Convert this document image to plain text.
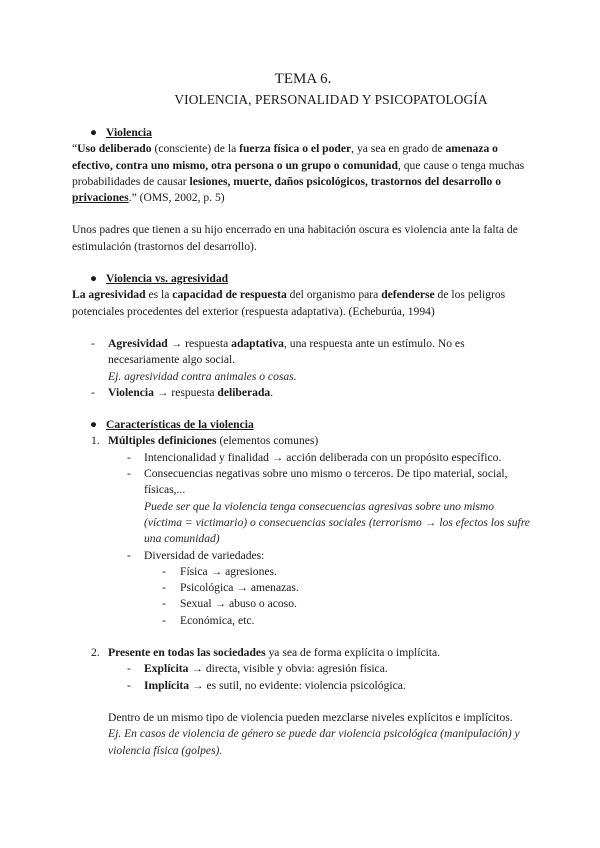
TEMA 6.
VIOLENCIA, PERSONALIDAD Y PSICOPATOLOGÍA
● Violencia
“Uso deliberado (consciente) de la fuerza física o el poder, ya sea en grado de amenaza o efectivo, contra uno mismo, otra persona o un grupo o comunidad, que cause o tenga muchas probabilidades de causar lesiones, muerte, daños psicológicos, trastornos del desarrollo o privaciones.” (OMS, 2002, p. 5)
Unos padres que tienen a su hijo encerrado en una habitación oscura es violencia ante la falta de estimulación (trastornos del desarrollo).
● Violencia vs. agresividad
La agresividad es la capacidad de respuesta del organismo para defenderse de los peligros potenciales procedentes del exterior (respuesta adaptativa). (Echeburúa, 1994)
- Agresividad → respuesta adaptativa, una respuesta ante un estímulo. No es necesariamente algo social.
Ej. agresividad contra animales o cosas.
- Violencia → respuesta deliberada.
● Características de la violencia
1. Múltiples definiciones (elementos comunes)
- Intencionalidad y finalidad → acción deliberada con un propósito específico.
- Consecuencias negativas sobre uno mismo o terceros. De tipo material, social, físicas,...
Puede ser que la violencia tenga consecuencias agresivas sobre uno mismo (víctima = victimario) o consecuencias sociales (terrorismo → los efectos los sufre una comunidad)
- Diversidad de variedades:
- Física → agresiones.
- Psicológica → amenazas.
- Sexual → abuso o acoso.
- Económica, etc.
2. Presente en todas las sociedades ya sea de forma explícita o implícita.
- Explícita → directa, visible y obvia: agresión física.
- Implícita → es sutil, no evidente: violencia psicológica.
Dentro de un mismo tipo de violencia pueden mezclarse niveles explícitos e implícitos.
Ej. En casos de violencia de género se puede dar violencia psicológica (manipulación) y violencia física (golpes).
